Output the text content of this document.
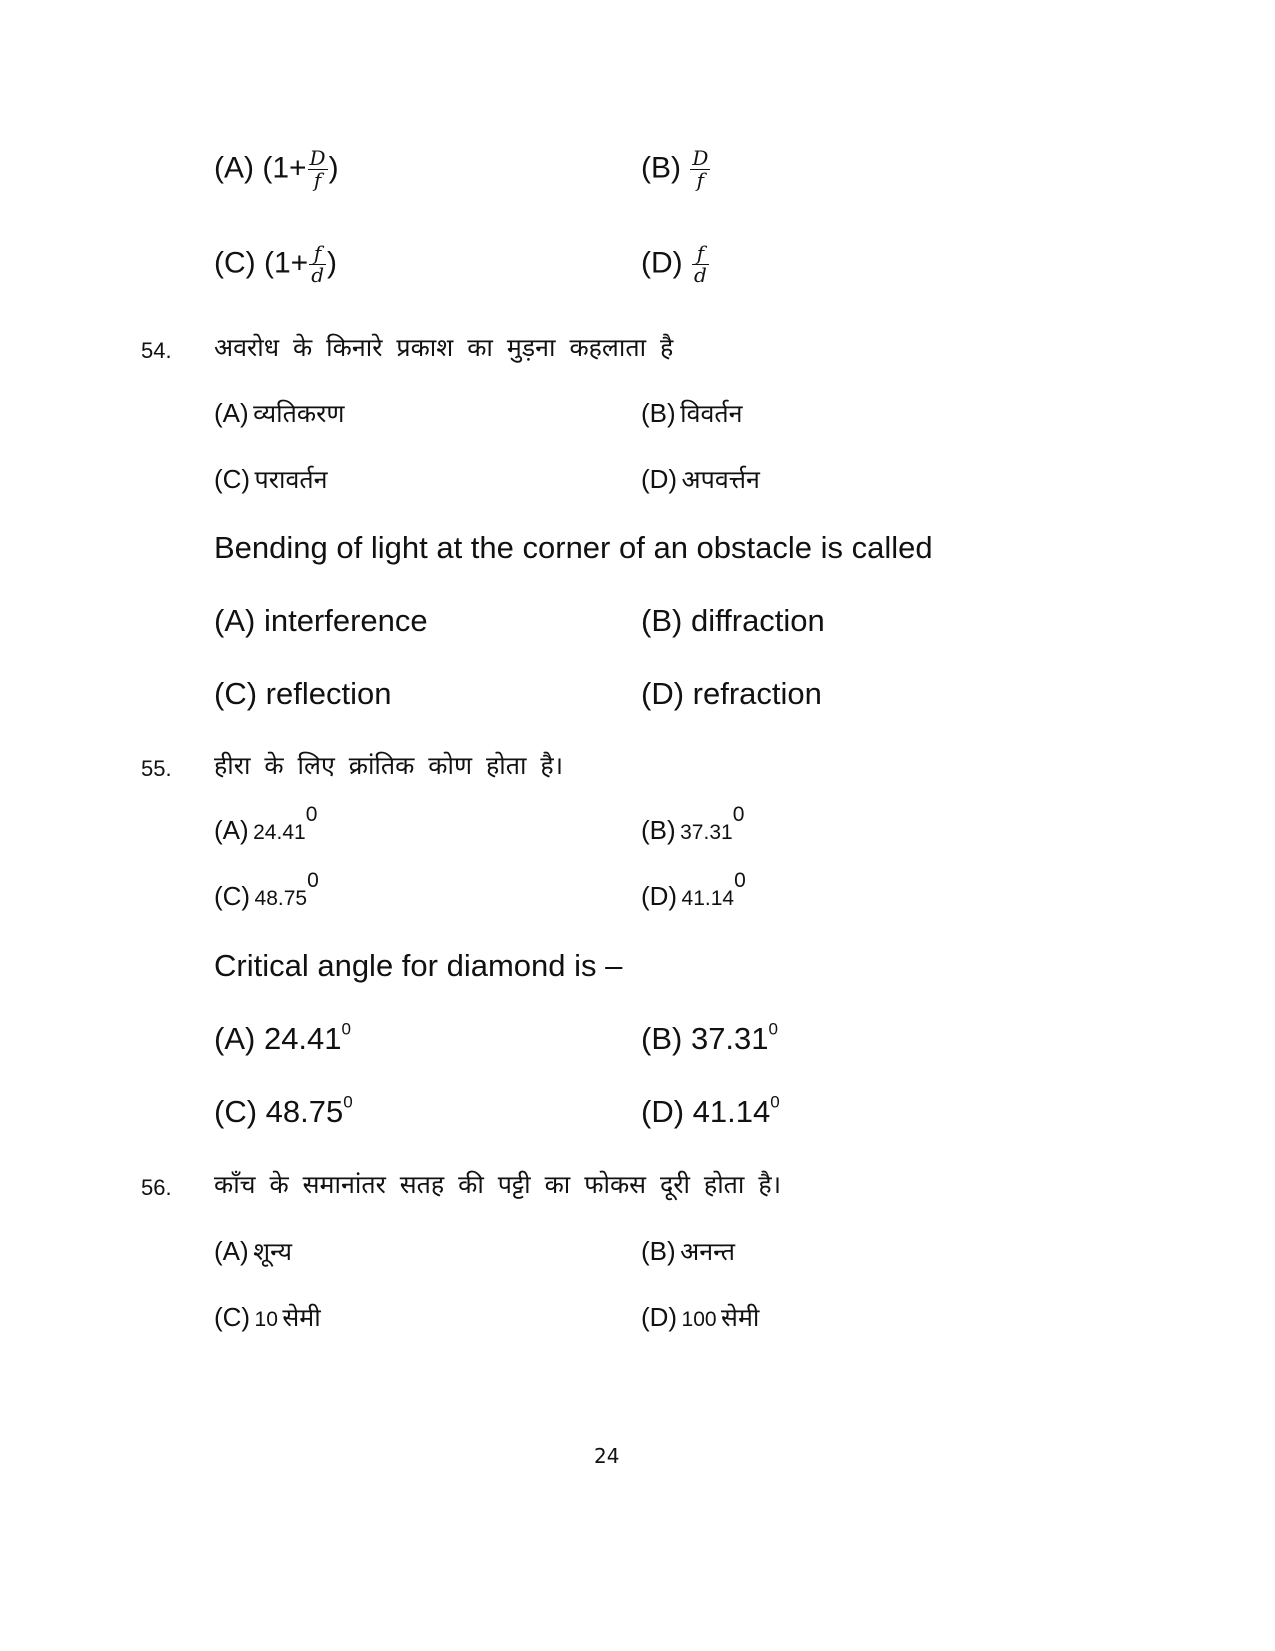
(A) ($1+ \frac{D}{f}$ )	$(B) \frac{D}{f}$
(C) ($1+ \frac{f}{d}$ )	$(D) \frac{f}{d}$
54. अवरोध के किनारे प्रकाश का मुड़ना कहलाता है
(A) व्यतिकरण	(B) विवर्तन
(C) परावर्तन	(D) अपवर्त्तन
Bending of light at the corner of an obstacle is called
(A) interference	(B) diffraction
(C) reflection	(D) refraction
55. हीरा के लिए क्रांतिक कोण होता है।
(A) 24.41$^0$
(B) 37.31$^0$
(C) 48.75$^0$
(D) 41.14$^0$
Critical angle for diamond is –
(A) 24.41$^0$	(B) 37.31$^0$
(C) 48.75$^0$	(D) 41.14$^0$
56. काँच के समानांतर सतह की पट्टी का फोकस दूरी होता है।
(A) शून्य	(B) अनन्त
(C) 10 सेमी	(D) 100 सेमी
24
